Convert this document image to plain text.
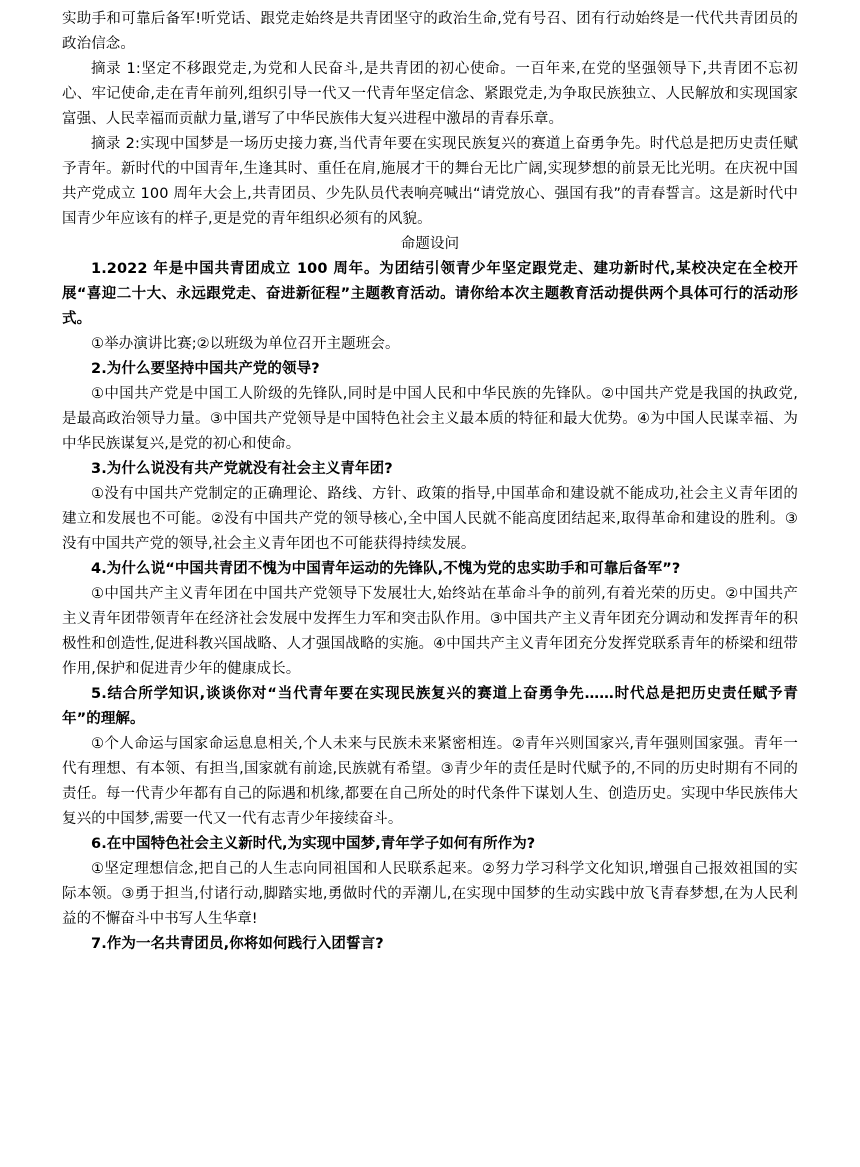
实助手和可靠后备军!听党话、跟党走始终是共青团坚守的政治生命,党有号召、团有行动始终是一代代共青团员的政治信念。

摘录 1:坚定不移跟党走,为党和人民奋斗,是共青团的初心使命。一百年来,在党的坚强领导下,共青团不忘初心、牢记使命,走在青年前列,组织引导一代又一代青年坚定信念、紧跟党走,为争取民族独立、人民解放和实现国家富强、人民幸福而贡献力量,谱写了中华民族伟大复兴进程中激昂的青春乐章。

摘录 2:实现中国梦是一场历史接力赛,当代青年要在实现民族复兴的赛道上奋勇争先。时代总是把历史责任赋予青年。新时代的中国青年,生逢其时、重任在肩,施展才干的舞台无比广阔,实现梦想的前景无比光明。在庆祝中国共产党成立 100 周年大会上,共青团员、少先队员代表响亮喊出“请党放心、强国有我”的青春誓言。这是新时代中国青少年应该有的样子,更是党的青年组织必须有的风貌。

命题设问

1.2022 年是中国共青团成立 100 周年。为团结引领青少年坚定跟党走、建功新时代,某校决定在全校开展“喜迎二十大、永远跟党走、奋进新征程”主题教育活动。请你给本次主题教育活动提供两个具体可行的活动形式。

①举办演讲比赛;②以班级为单位召开主题班会。

2.为什么要坚持中国共产党的领导?

①中国共产党是中国工人阶级的先锋队,同时是中国人民和中华民族的先锋队。②中国共产党是我国的执政党,是最高政治领导力量。③中国共产党领导是中国特色社会主义最本质的特征和最大优势。④为中国人民谋幸福、为中华民族谋复兴,是党的初心和使命。

3.为什么说没有共产党就没有社会主义青年团?

①没有中国共产党制定的正确理论、路线、方针、政策的指导,中国革命和建设就不能成功,社会主义青年团的建立和发展也不可能。②没有中国共产党的领导核心,全中国人民就不能高度团结起来,取得革命和建设的胜利。③没有中国共产党的领导,社会主义青年团也不可能获得持续发展。

4.为什么说“中国共青团不愧为中国青年运动的先锋队,不愧为党的忠实助手和可靠后备军”?

①中国共产主义青年团在中国共产党领导下发展壮大,始终站在革命斗争的前列,有着光荣的历史。②中国共产主义青年团带领青年在经济社会发展中发挥生力军和突击队作用。③中国共产主义青年团充分调动和发挥青年的积极性和创造性,促进科教兴国战略、人才强国战略的实施。④中国共产主义青年团充分发挥党联系青年的桥梁和纽带作用,保护和促进青少年的健康成长。

5.结合所学知识,谈谈你对“当代青年要在实现民族复兴的赛道上奋勇争先……时代总是把历史责任赋予青年”的理解。

①个人命运与国家命运息息相关,个人未来与民族未来紧密相连。②青年兴则国家兴,青年强则国家强。青年一代有理想、有本领、有担当,国家就有前途,民族就有希望。③青少年的责任是时代赋予的,不同的历史时期有不同的责任。每一代青少年都有自己的际遇和机缘,都要在自己所处的时代条件下谋划人生、创造历史。实现中华民族伟大复兴的中国梦,需要一代又一代有志青少年接续奋斗。

6.在中国特色社会主义新时代,为实现中国梦,青年学子如何有所作为?

①坚定理想信念,把自己的人生志向同祖国和人民联系起来。②努力学习科学文化知识,增强自己报效祖国的实际本领。③勇于担当,付诸行动,脚踏实地,勇做时代的弄潮儿,在实现中国梦的生动实践中放飞青春梦想,在为人民利益的不懈奋斗中书写人生华章!

7.作为一名共青团员,你将如何践行入团誓言?
